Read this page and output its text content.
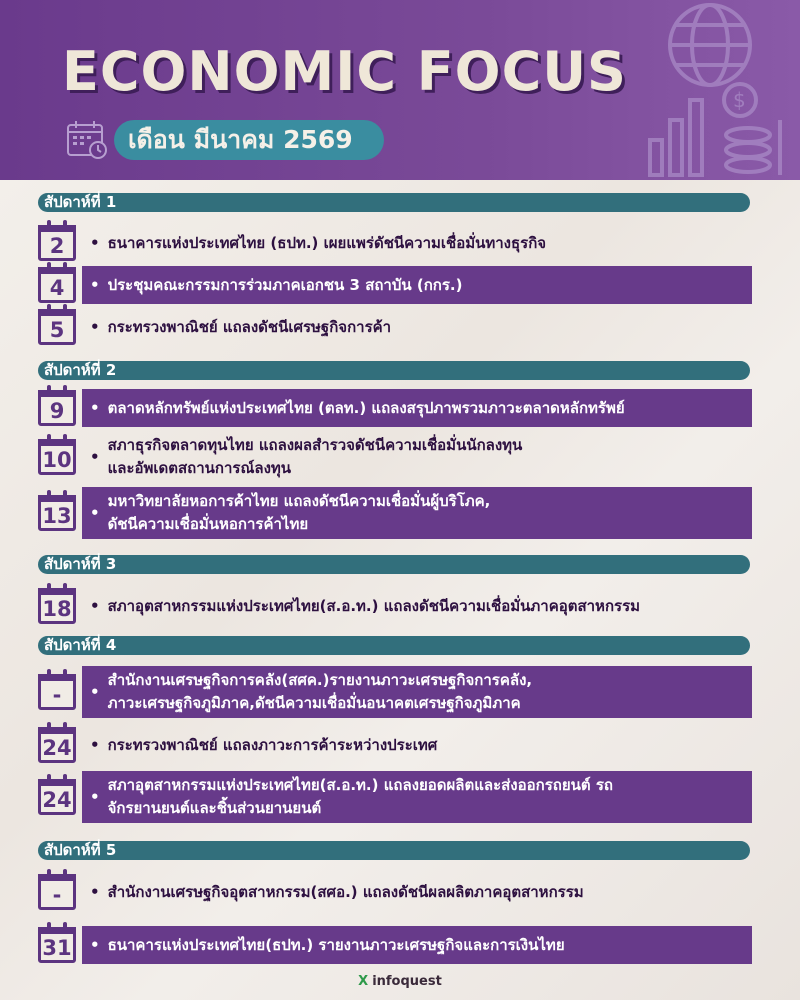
$
ECONOMIC FOCUS
เดือน มีนาคม 2569
สัปดาห์ที่ 1
สัปดาห์ที่ 2
สัปดาห์ที่ 3
สัปดาห์ที่ 4
สัปดาห์ที่ 5
2	• ธนาคารแห่งประเทศไทย (ธปท.) เผยแพร่ดัชนีความเชื่อมั่นทางธุรกิจ
4	• ประชุมคณะกรรมการร่วมภาคเอกชน 3 สถาบัน (กกร.)
5	• กระทรวงพาณิชย์ แถลงดัชนีเศรษฐกิจการค้า
9	• ตลาดหลักทรัพย์แห่งประเทศไทย (ตลท.) แถลงสรุปภาพรวมภาวะตลาดหลักทรัพย์
10 •
สภาธุรกิจตลาดทุนไทย แถลงผลสำรวจดัชนีความเชื่อมั่นนักลงทุน
และอัพเดตสถานการณ์ลงทุน
13 •
มหาวิทยาลัยหอการค้าไทย แถลงดัชนีความเชื่อมั่นผู้บริโภค,
ดัชนีความเชื่อมั่นหอการค้าไทย
18 • สภาอุตสาหกรรมแห่งประเทศไทย(ส.อ.ท.) แถลงดัชนีความเชื่อมั่นภาคอุตสาหกรรม
-	•
สำนักงานเศรษฐกิจการคลัง(สศค.)รายงานภาวะเศรษฐกิจการคลัง,
ภาวะเศรษฐกิจภูมิภาค,ดัชนีความเชื่อมั่นอนาคตเศรษฐกิจภูมิภาค
24 • กระทรวงพาณิชย์ แถลงภาวะการค้าระหว่างประเทศ
24 •
สภาอุตสาหกรรมแห่งประเทศไทย(ส.อ.ท.) แถลงยอดผลิตและส่งออกรถยนต์ รถ
จักรยานยนต์และชิ้นส่วนยานยนต์
-	• สำนักงานเศรษฐกิจอุตสาหกรรม(สศอ.) แถลงดัชนีผลผลิตภาคอุตสาหกรรม
31 • ธนาคารแห่งประเทศไทย(ธปท.) รายงานภาวะเศรษฐกิจและการเงินไทย
X infoquest
